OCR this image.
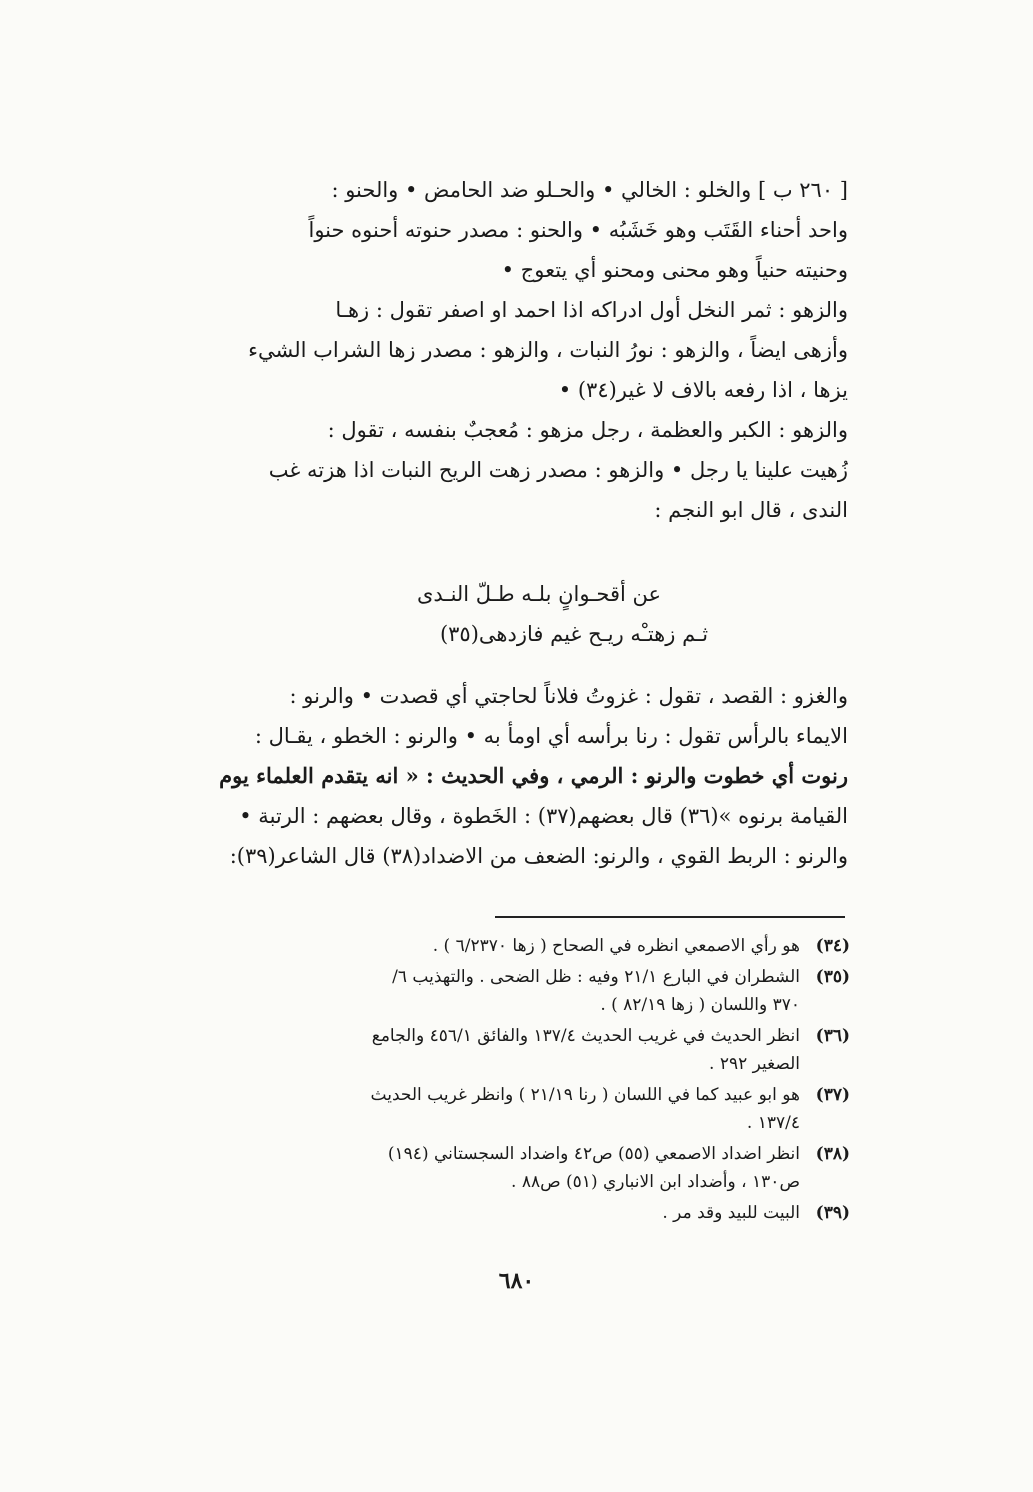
[ ٢٦٠ ب ] والخلو : الخالي • والحـلو ضد الحامض • والحنو :
واحد أحناء القَتَب وهو خَشَبُه • والحنو : مصدر حنوته أحنوه حنواً
وحنيته حنياً وهو محنى ومحنو أي يتعوج •
والزهو : ثمر النخل أول ادراكه اذا احمد او اصفر تقول : زهـا
وأزهى ايضاً ، والزهو : نورُ النبات ، والزهو : مصدر زها الشراب الشيء
يزها ، اذا رفعه بالاف لا غير(٣٤) •
والزهو : الكبر والعظمة ، رجل مزهو : مُعجبٌ بنفسه ، تقول :
زُهيت علينا يا رجل • والزهو : مصدر زهت الريح النبات اذا هزته غب
الندى ، قال ابو النجم :
عن أقحـوانٍ بلـه طـلّ النـدى
ثـم زهتـْه ريـح غيم فازدهى(٣٥)
والغزو : القصد ، تقول : غزوتُ فلاناً لحاجتي أي قصدت • والرنو :
الايماء بالرأس تقول : رنا برأسه أي اومأ به • والرنو : الخطو ، يقـال :
رنوت أي خطوت والرنو : الرمي ، وفي الحديث : « انه يتقدم العلماء يوم
القيامة برنوه »(٣٦) قال بعضهم(٣٧) : الخَطوة ، وقال بعضهم : الرتبة •
والرنو : الربط القوي ، والرنو: الضعف من الاضداد(٣٨) قال الشاعر(٣٩):
(٣٤)
هو رأي الاصمعي انظره في الصحاح ( زها ٦/٢٣٧٠ ) .
(٣٥)
الشطران في البارع ٢١/١ وفيه : ظل الضحى . والتهذيب ٦/
٣٧٠ واللسان ( زها ٨٢/١٩ ) .
(٣٦)
انظر الحديث في غريب الحديث ١٣٧/٤ والفائق ٤٥٦/١ والجامع
الصغير ٢٩٢ .
(٣٧)
هو ابو عبيد كما في اللسان ( رنا ٢١/١٩ ) وانظر غريب الحديث
١٣٧/٤ .
(٣٨)
انظر اضداد الاصمعي (٥٥) ص٤٢ واضداد السجستاني (١٩٤)
ص١٣٠ ، وأضداد ابن الانباري (٥١) ص٨٨ .
(٣٩)
البيت للبيد وقد مر .
٦٨٠
